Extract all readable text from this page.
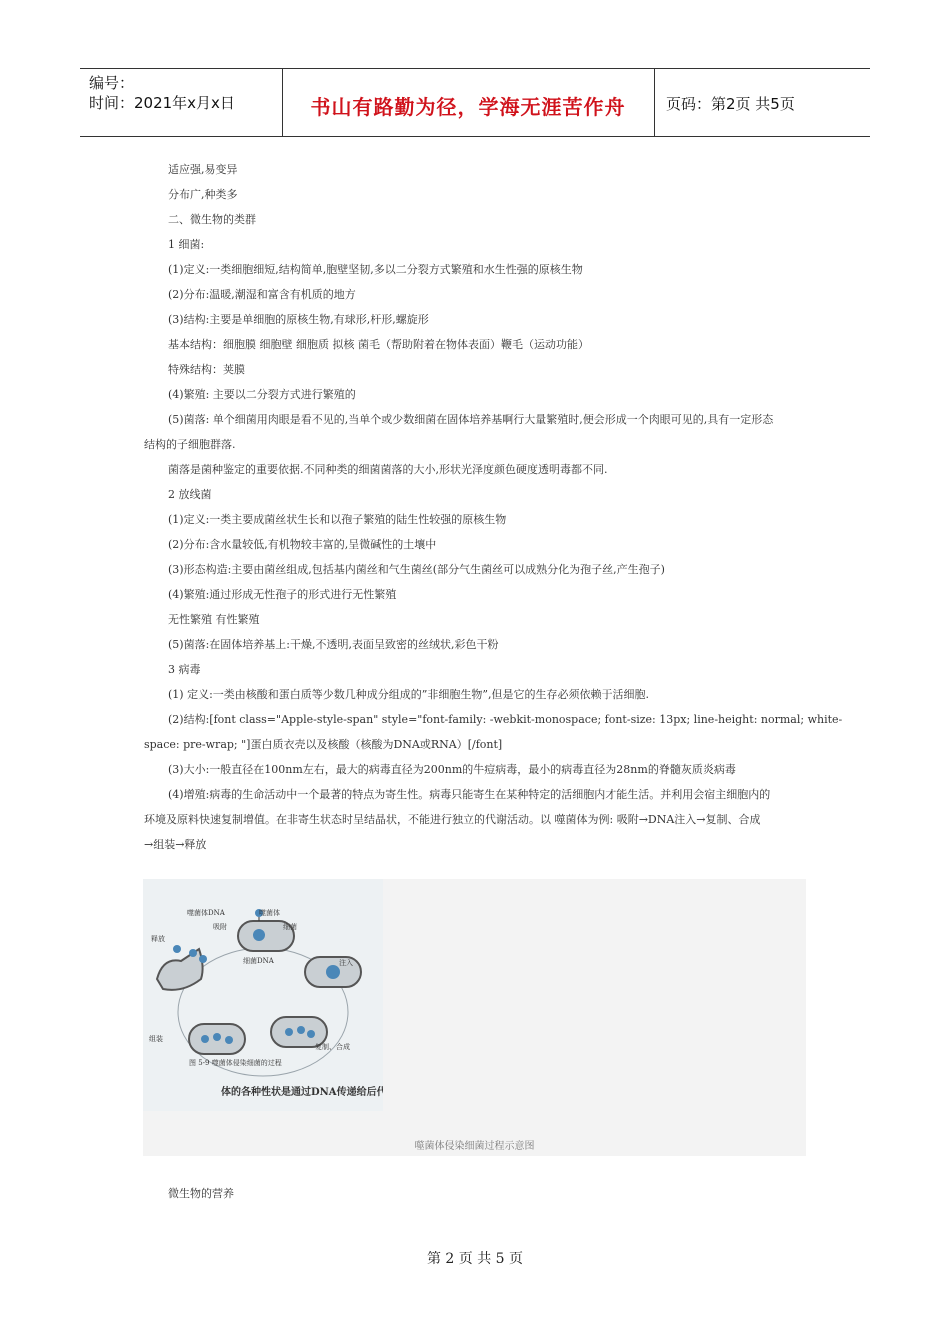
编号：
时间：2021年x月x日	书山有路勤为径，学海无涯苦作舟	页码：第2页 共5页
适应强,易变异
分布广,种类多
二、微生物的类群
1 细菌:
(1)定义:一类细胞细短,结构简单,胞壁坚韧,多以二分裂方式繁殖和水生性强的原核生物
(2)分布:温暖,潮湿和富含有机质的地方
(3)结构:主要是单细胞的原核生物,有球形,杆形,螺旋形
基本结构：细胞膜 细胞壁 细胞质 拟核 菌毛（帮助附着在物体表面）鞭毛（运动功能）
特殊结构：荚膜
(4)繁殖: 主要以二分裂方式进行繁殖的
(5)菌落: 单个细菌用肉眼是看不见的,当单个或少数细菌在固体培养基啊行大量繁殖时,便会形成一个肉眼可见的,具有一定形态
结构的子细胞群落.
菌落是菌种鉴定的重要依据.不同种类的细菌菌落的大小,形状光泽度颜色硬度透明毒都不同.
2 放线菌
(1)定义:一类主要成菌丝状生长和以孢子繁殖的陆生性较强的原核生物
(2)分布:含水量较低,有机物较丰富的,呈微碱性的土壤中
(3)形态构造:主要由菌丝组成,包括基内菌丝和气生菌丝(部分气生菌丝可以成熟分化为孢子丝,产生孢子)
(4)繁殖:通过形成无性孢子的形式进行无性繁殖
无性繁殖 有性繁殖
(5)菌落:在固体培养基上:干燥,不透明,表面呈致密的丝绒状,彩色干粉
3 病毒
(1) 定义:一类由核酸和蛋白质等少数几种成分组成的”非细胞生物”,但是它的生存必须依赖于活细胞.
(2)结构:[font class="Apple-style-span" style="font-family: -webkit-monospace; font-size: 13px; line-height: normal; white-
space: pre-wrap; "]蛋白质衣壳以及核酸（核酸为DNA或RNA）[/font]
(3)大小:一般直径在100nm左右，最大的病毒直径为200nm的牛痘病毒，最小的病毒直径为28nm的脊髓灰质炎病毒
(4)增殖:病毒的生命活动中一个最著的特点为寄生性。病毒只能寄生在某种特定的活细胞内才能生活。并利用会宿主细胞内的
环境及原料快速复制增值。在非寄生状态时呈结晶状，不能进行独立的代谢活动。以 噬菌体为例: 吸附→DNA注入→复制、合成
→组装→释放
噬菌体DNA	噬菌体
吸附	细菌
释放
细菌DNA	注入
组装
复制、合成
图 5-9 噬菌体侵染细菌的过程
体的各种性状是通过DNA传递给后代
噬菌体侵染细菌过程示意图
微生物的营养
第 2 页 共 5 页
